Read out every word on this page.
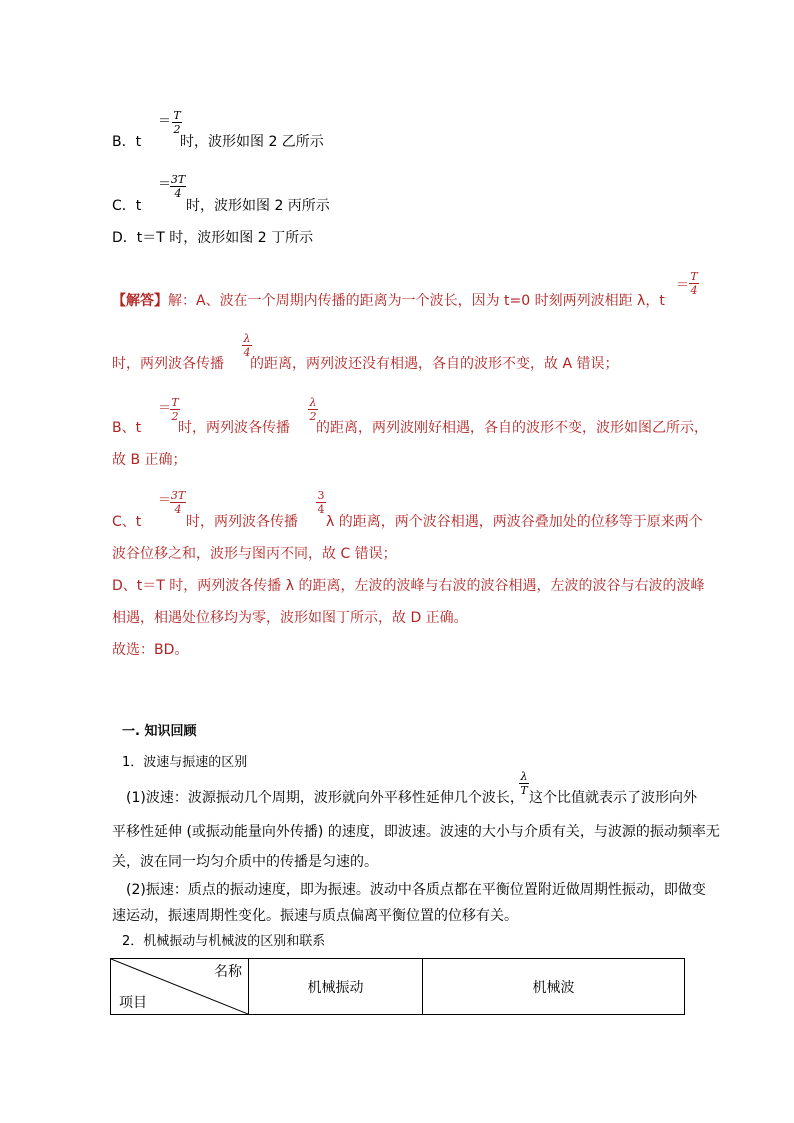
B．t
＝ T
2
时，波形如图 2 乙所示
C．t
＝ 3T
4
时，波形如图 2 丙所示
D．t＝T 时，波形如图 2 丁所示
【解答】解：A、波在一个周期内传播的距离为一个波长，因为 t=0 时刻两列波相距 λ，t
＝
T
4
时，两列波各传播
λ
4
的距离，两列波还没有相遇，各自的波形不变，故 A 错误；
B、t
＝ T
2
时，两列波各传播
λ
2
的距离，两列波刚好相遇，各自的波形不变，波形如图乙所示，
故 B 正确；
C、t
＝ 3T
4
时，两列波各传播
3
4
λ 的距离，两个波谷相遇，两波谷叠加处的位移等于原来两个
波谷位移之和，波形与图丙不同，故 C 错误；
D、t＝T 时，两列波各传播 λ 的距离，左波的波峰与右波的波谷相遇，左波的波谷与右波的波峰
相遇，相遇处位移均为零，波形如图丁所示，故 D 正确。
故选：BD。
一. 知识回顾
1．波速与振速的区别
(1)波速：波源振动几个周期，波形就向外平移性延伸几个波长，
λ
T 这个比值就表示了波形向外
平移性延伸 (或振动能量向外传播) 的速度，即波速。波速的大小与介质有关，与波源的振动频率无
关，波在同一均匀介质中的传播是匀速的。
(2)振速：质点的振动速度，即为振速。波动中各质点都在平衡位置附近做周期性振动，即做变
速运动，振速周期性变化。振速与质点偏离平衡位置的位移有关。
2．机械振动与机械波的区别和联系
名称
项目
	机械振动	机械波
